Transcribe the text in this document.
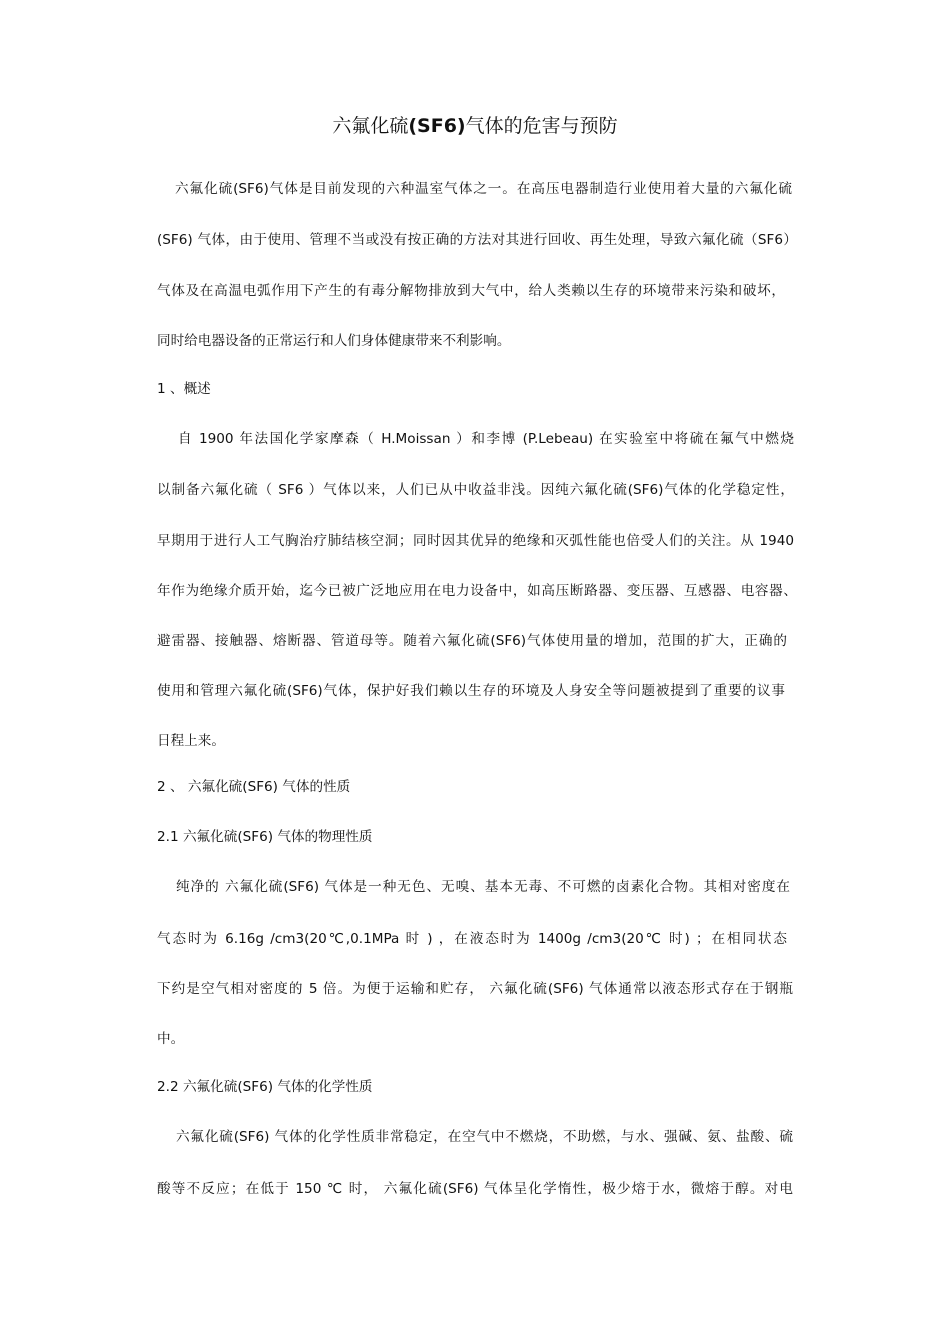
六氟化硫(SF6)气体的危害与预防
六氟化硫(SF6)气体是目前发现的六种温室气体之一。在高压电器制造行业使用着大量的六氟化硫
(SF6) 气体，由于使用、管理不当或没有按正确的方法对其进行回收、再生处理，导致六氟化硫（SF6）
气体及在高温电弧作用下产生的有毒分解物排放到大气中，给人类赖以生存的环境带来污染和破坏，
同时给电器设备的正常运行和人们身体健康带来不利影响。
1 、概述
自 1900 年法国化学家摩森（ H.Moissan ）和李博 (P.Lebeau) 在实验室中将硫在氟气中燃烧
以制备六氟化硫（ SF6 ）气体以来，人们已从中收益非浅。因纯六氟化硫(SF6)气体的化学稳定性，
早期用于进行人工气胸治疗肺结核空洞；同时因其优异的绝缘和灭弧性能也倍受人们的关注。从 1940
年作为绝缘介质开始，迄今已被广泛地应用在电力设备中，如高压断路器、变压器、互感器、电容器、
避雷器、接触器、熔断器、管道母等。随着六氟化硫(SF6)气体使用量的增加，范围的扩大，正确的
使用和管理六氟化硫(SF6)气体，保护好我们赖以生存的环境及人身安全等问题被提到了重要的议事
日程上来。
2 、 六氟化硫(SF6) 气体的性质
2.1 六氟化硫(SF6) 气体的物理性质
纯净的 六氟化硫(SF6) 气体是一种无色、无嗅、基本无毒、不可燃的卤素化合物。其相对密度在
气态时为 6.16g /cm3(20℃,0.1MPa 时 ) ，在液态时为 1400g /cm3(20℃ 时) ；在相同状态
下约是空气相对密度的 5 倍。为便于运输和贮存， 六氟化硫(SF6) 气体通常以液态形式存在于钢瓶
中。
2.2 六氟化硫(SF6) 气体的化学性质
六氟化硫(SF6) 气体的化学性质非常稳定，在空气中不燃烧，不助燃，与水、强碱、氨、盐酸、硫
酸等不反应；在低于 150 ℃ 时， 六氟化硫(SF6) 气体呈化学惰性，极少熔于水，微熔于醇。对电
